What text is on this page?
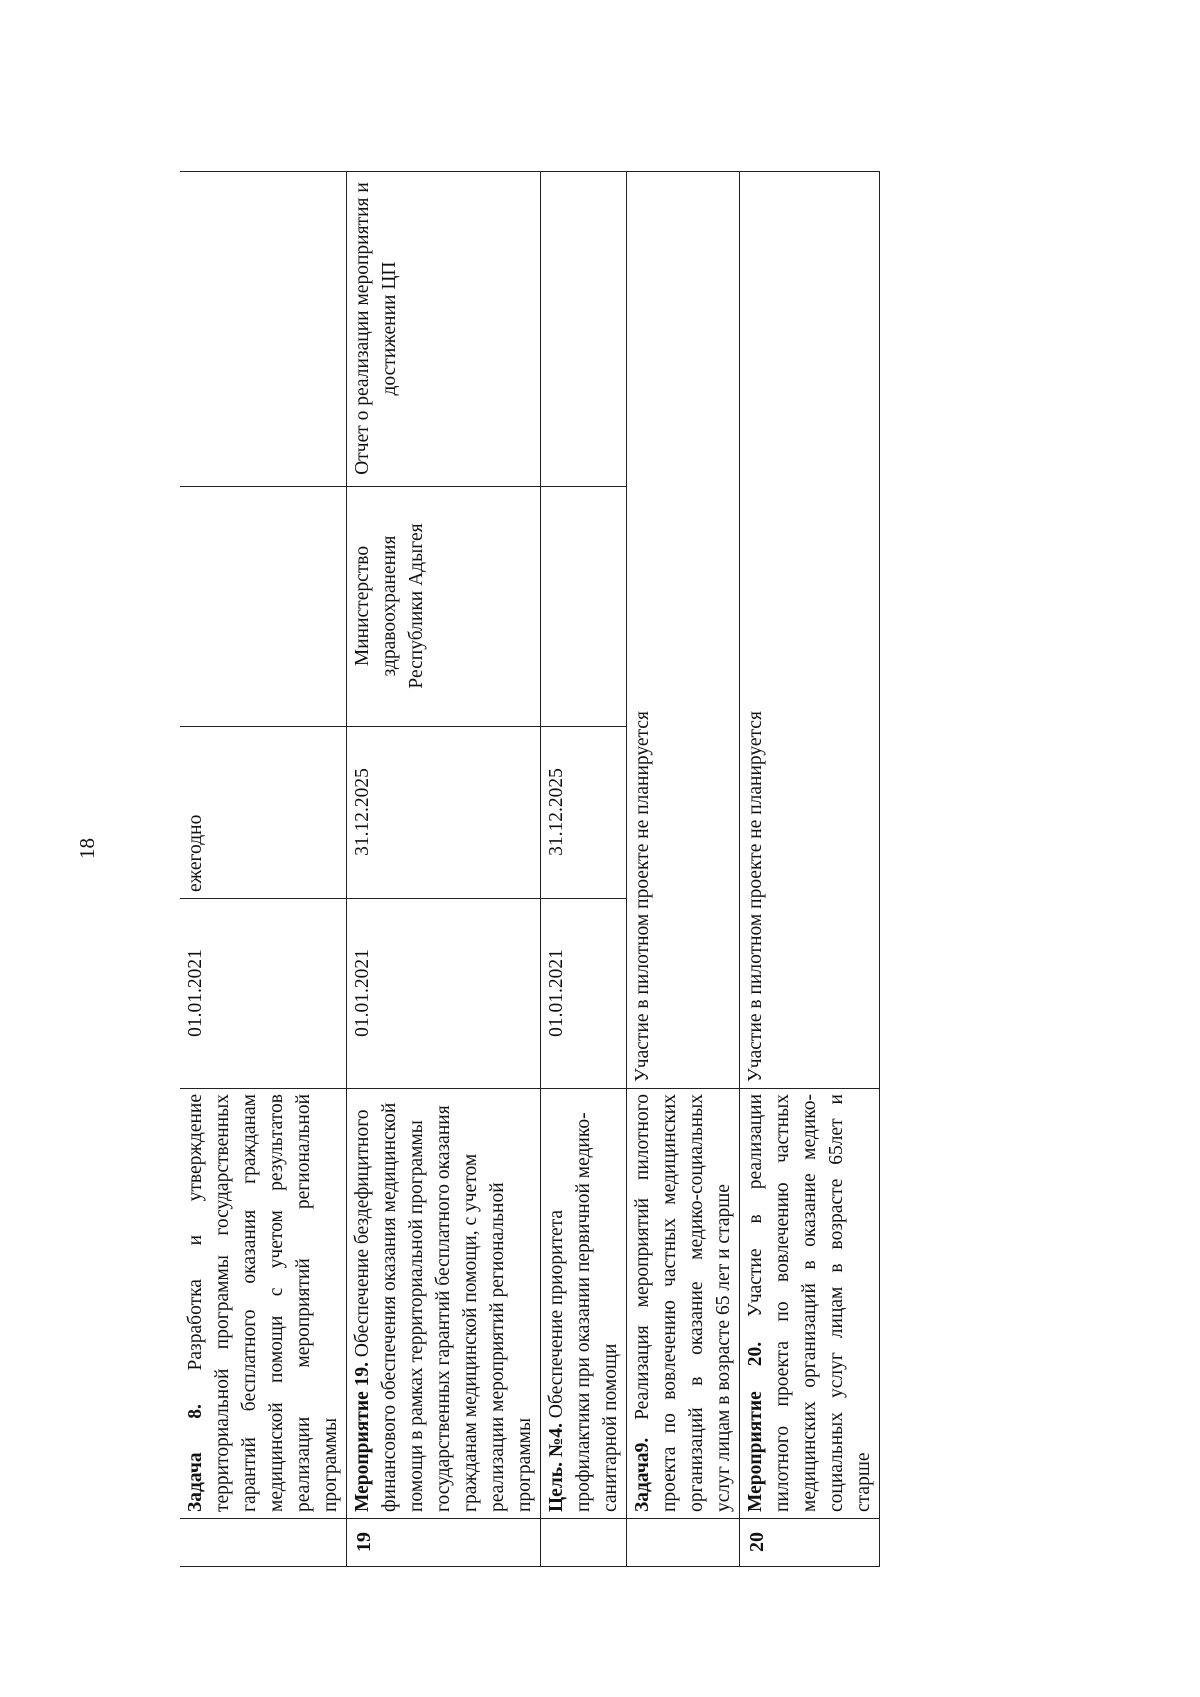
18
	Задача 8. Разработка и утверждение территориальной программы государственных гарантий бесплатного оказания гражданам медицинской помощи с учетом результатов реализации мероприятий региональной программы	01.01.2021	ежегодно		
19	Мероприятие 19. Обеспечение бездефицитного финансового обеспечения оказания медицинской помощи в рамках территориальной программы государственных гарантий бесплатного оказания гражданам медицинской помощи, с учетом реализации мероприятий региональной программы	01.01.2021	31.12.2025	Министерство здравоохранения Республики Адыгея	Отчет о реализации мероприятия и достижении ЦП
	Цель. №4. Обеспечение приоритета профилактики при оказании первичной медико-санитарной помощи	01.01.2021	31.12.2025		
	Задача9. Реализация мероприятий пилотного проекта по вовлечению частных медицинских организаций в оказание медико-социальных услуг лицам в возрасте 65 лет и старше	Участие в пилотном проекте не планируется			
20	Мероприятие 20. Участие в реализации пилотного проекта по вовлечению частных медицинских организаций в оказание медико-социальных услуг лицам в возрасте 65лет и старше	Участие в пилотном проекте не планируется			
